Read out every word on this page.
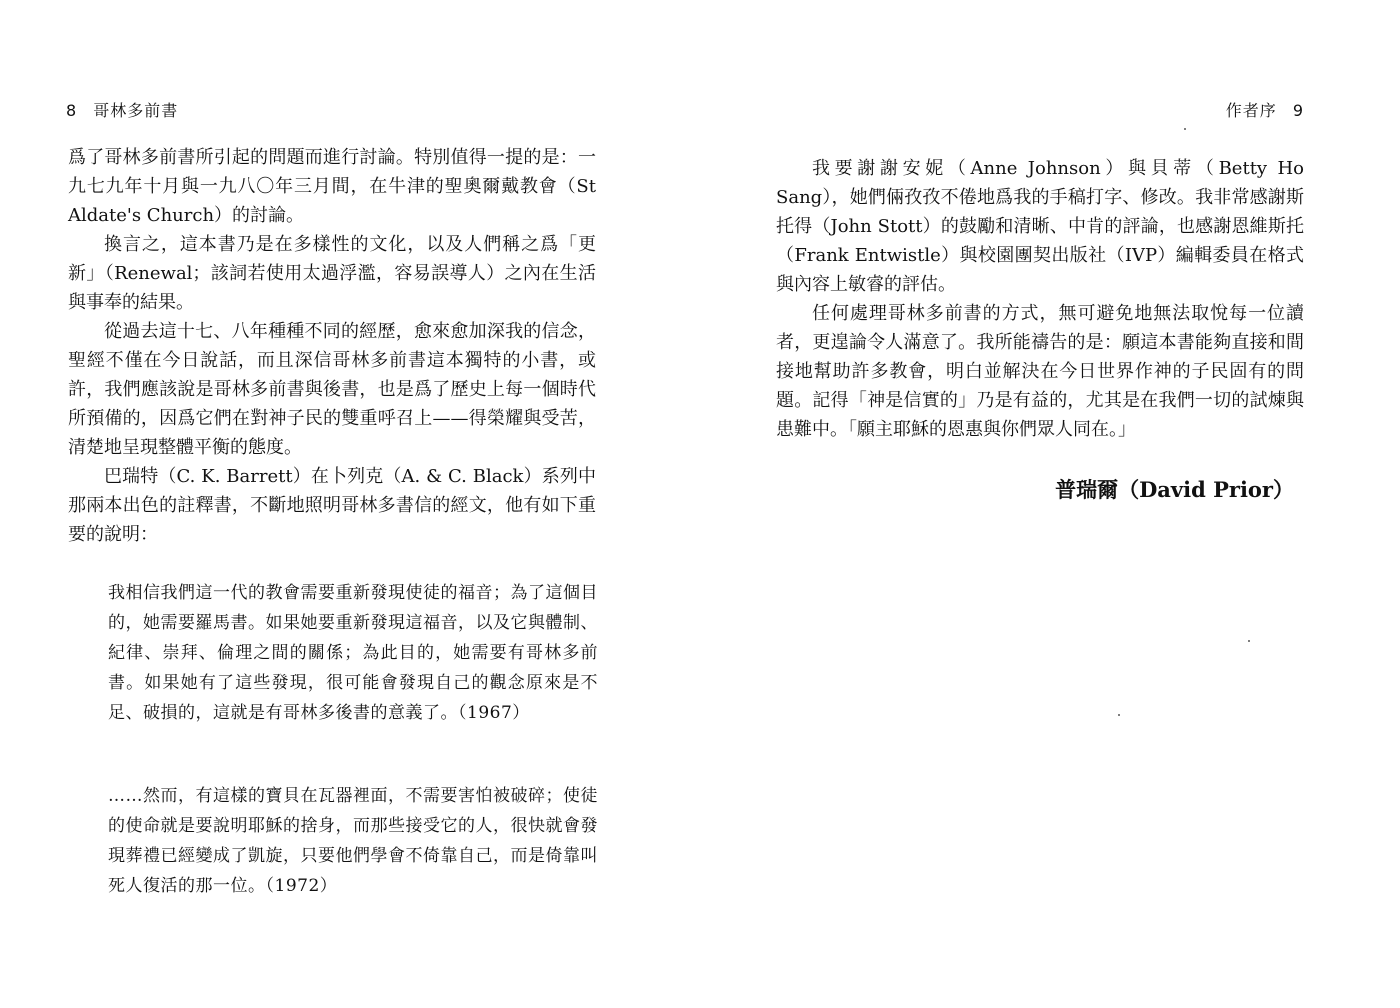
8 哥林多前書

爲了哥林多前書所引起的問題而進行討論。特別值得一提的是：一九七九年十月與一九八〇年三月間，在牛津的聖奧爾戴教會（St Aldate's Church）的討論。

換言之，這本書乃是在多樣性的文化，以及人們稱之爲「更新」（Renewal；該詞若使用太過浮濫，容易誤導人）之內在生活與事奉的結果。

從過去這十七、八年種種不同的經歷，愈來愈加深我的信念，聖經不僅在今日說話，而且深信哥林多前書這本獨特的小書，或許，我們應該說是哥林多前書與後書，也是爲了歷史上每一個時代所預備的，因爲它們在對神子民的雙重呼召上——得榮耀與受苦，清楚地呈現整體平衡的態度。

巴瑞特（C. K. Barrett）在卜列克（A. & C. Black）系列中那兩本出色的註釋書，不斷地照明哥林多書信的經文，他有如下重要的說明：

我相信我們這一代的教會需要重新發現使徒的福音；為了這個目的，她需要羅馬書。如果她要重新發現這福音，以及它與體制、紀律、崇拜、倫理之間的關係；為此目的，她需要有哥林多前書。如果她有了這些發現，很可能會發現自己的觀念原來是不足、破損的，這就是有哥林多後書的意義了。（1967）

……然而，有這樣的寶貝在瓦器裡面，不需要害怕被破碎；使徒的使命就是要說明耶穌的捨身，而那些接受它的人，很快就會發現葬禮已經變成了凱旋，只要他們學會不倚靠自己，而是倚靠叫死人復活的那一位。（1972）

作者序 9

我要謝謝安妮（Anne Johnson）與貝蒂（Betty Ho Sang），她們倆孜孜不倦地爲我的手稿打字、修改。我非常感謝斯托得（John Stott）的鼓勵和清晰、中肯的評論，也感謝恩維斯托（Frank Entwistle）與校園團契出版社（IVP）編輯委員在格式與內容上敏睿的評估。

任何處理哥林多前書的方式，無可避免地無法取悅每一位讀者，更遑論令人滿意了。我所能禱告的是：願這本書能夠直接和間接地幫助許多教會，明白並解決在今日世界作神的子民固有的問題。記得「神是信實的」乃是有益的，尤其是在我們一切的試煉與患難中。「願主耶穌的恩惠與你們眾人同在。」

普瑞爾（David Prior）
